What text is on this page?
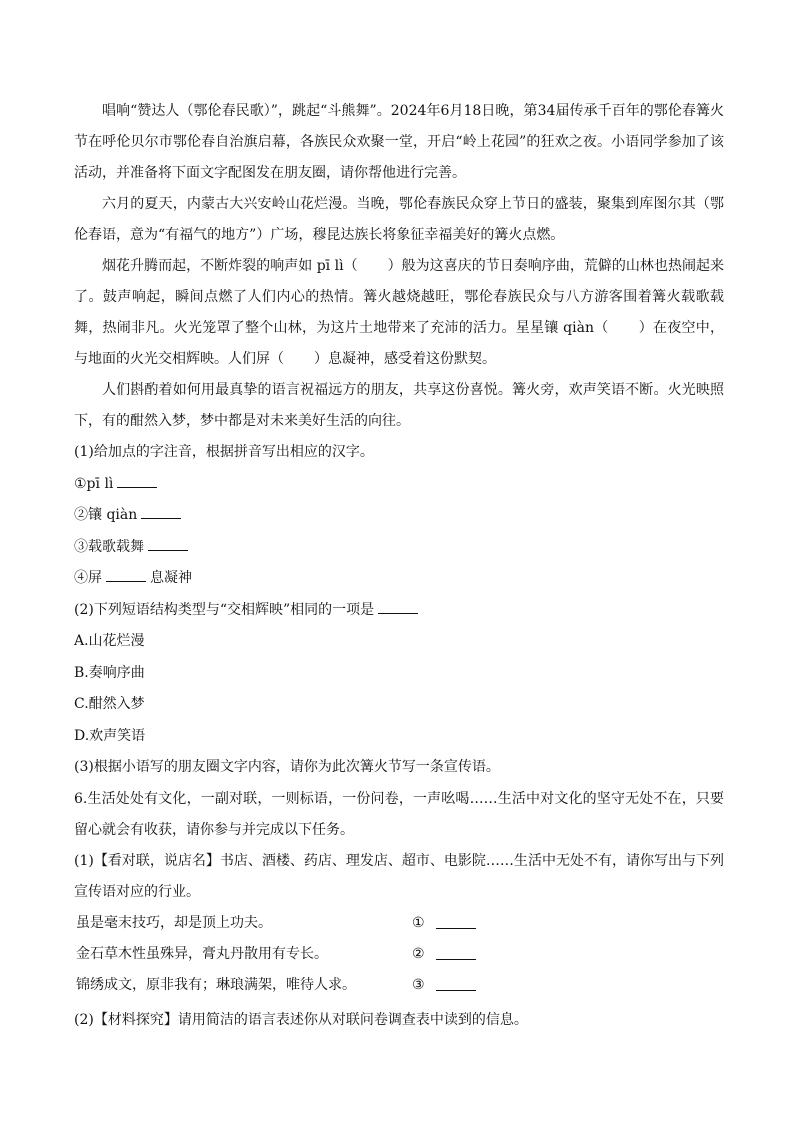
唱响“赞达人（鄂伦春民歌）”，跳起“斗熊舞”。2024年6月18日晚，第34届传承千百年的鄂伦春篝火节在呼伦贝尔市鄂伦春自治旗启幕，各族民众欢聚一堂，开启“岭上花园”的狂欢之夜。小语同学参加了该活动，并准备将下面文字配图发在朋友圈，请你帮他进行完善。

六月的夏天，内蒙古大兴安岭山花烂漫。当晚，鄂伦春族民众穿上节日的盛装，聚集到库图尔其（鄂伦春语，意为“有福气的地方”）广场，穆昆达族长将象征幸福美好的篝火点燃。

烟花升腾而起，不断炸裂的响声如 pī lì（ ）般为这喜庆的节日奏响序曲，荒僻的山林也热闹起来了。鼓声响起，瞬间点燃了人们内心的热情。篝火越烧越旺，鄂伦春族民众与八方游客围着篝火载歌载舞，热闹非凡。火光笼罩了整个山林，为这片土地带来了充沛的活力。星星镶 qiàn（ ）在夜空中，与地面的火光交相辉映。人们屏（ ）息凝神，感受着这份默契。

人们斟酌着如何用最真挚的语言祝福远方的朋友，共享这份喜悦。篝火旁，欢声笑语不断。火光映照下，有的酣然入梦，梦中都是对未来美好生活的向往。

(1)给加点的字注音，根据拼音写出相应的汉字。

①pī lì

②镶 qiàn

③载歌载舞

④屏	息凝神

(2)下列短语结构类型与“交相辉映”相同的一项是

A.山花烂漫

B.奏响序曲

C.酣然入梦

D.欢声笑语

(3)根据小语写的朋友圈文字内容，请你为此次篝火节写一条宣传语。

6.生活处处有文化，一副对联，一则标语，一份问卷，一声吆喝……生活中对文化的坚守无处不在，只要留心就会有收获，请你参与并完成以下任务。

(1)【看对联，说店名】书店、酒楼、药店、理发店、超市、电影院……生活中无处不有，请你写出与下列宣传语对应的行业。

虽是毫末技巧，却是顶上功夫。	①
金石草木性虽殊异，膏丸丹散用有专长。	②
锦绣成文，原非我有；琳琅满架，唯待人求。	③

(2)【材料探究】请用简洁的语言表述你从对联问卷调查表中读到的信息。
